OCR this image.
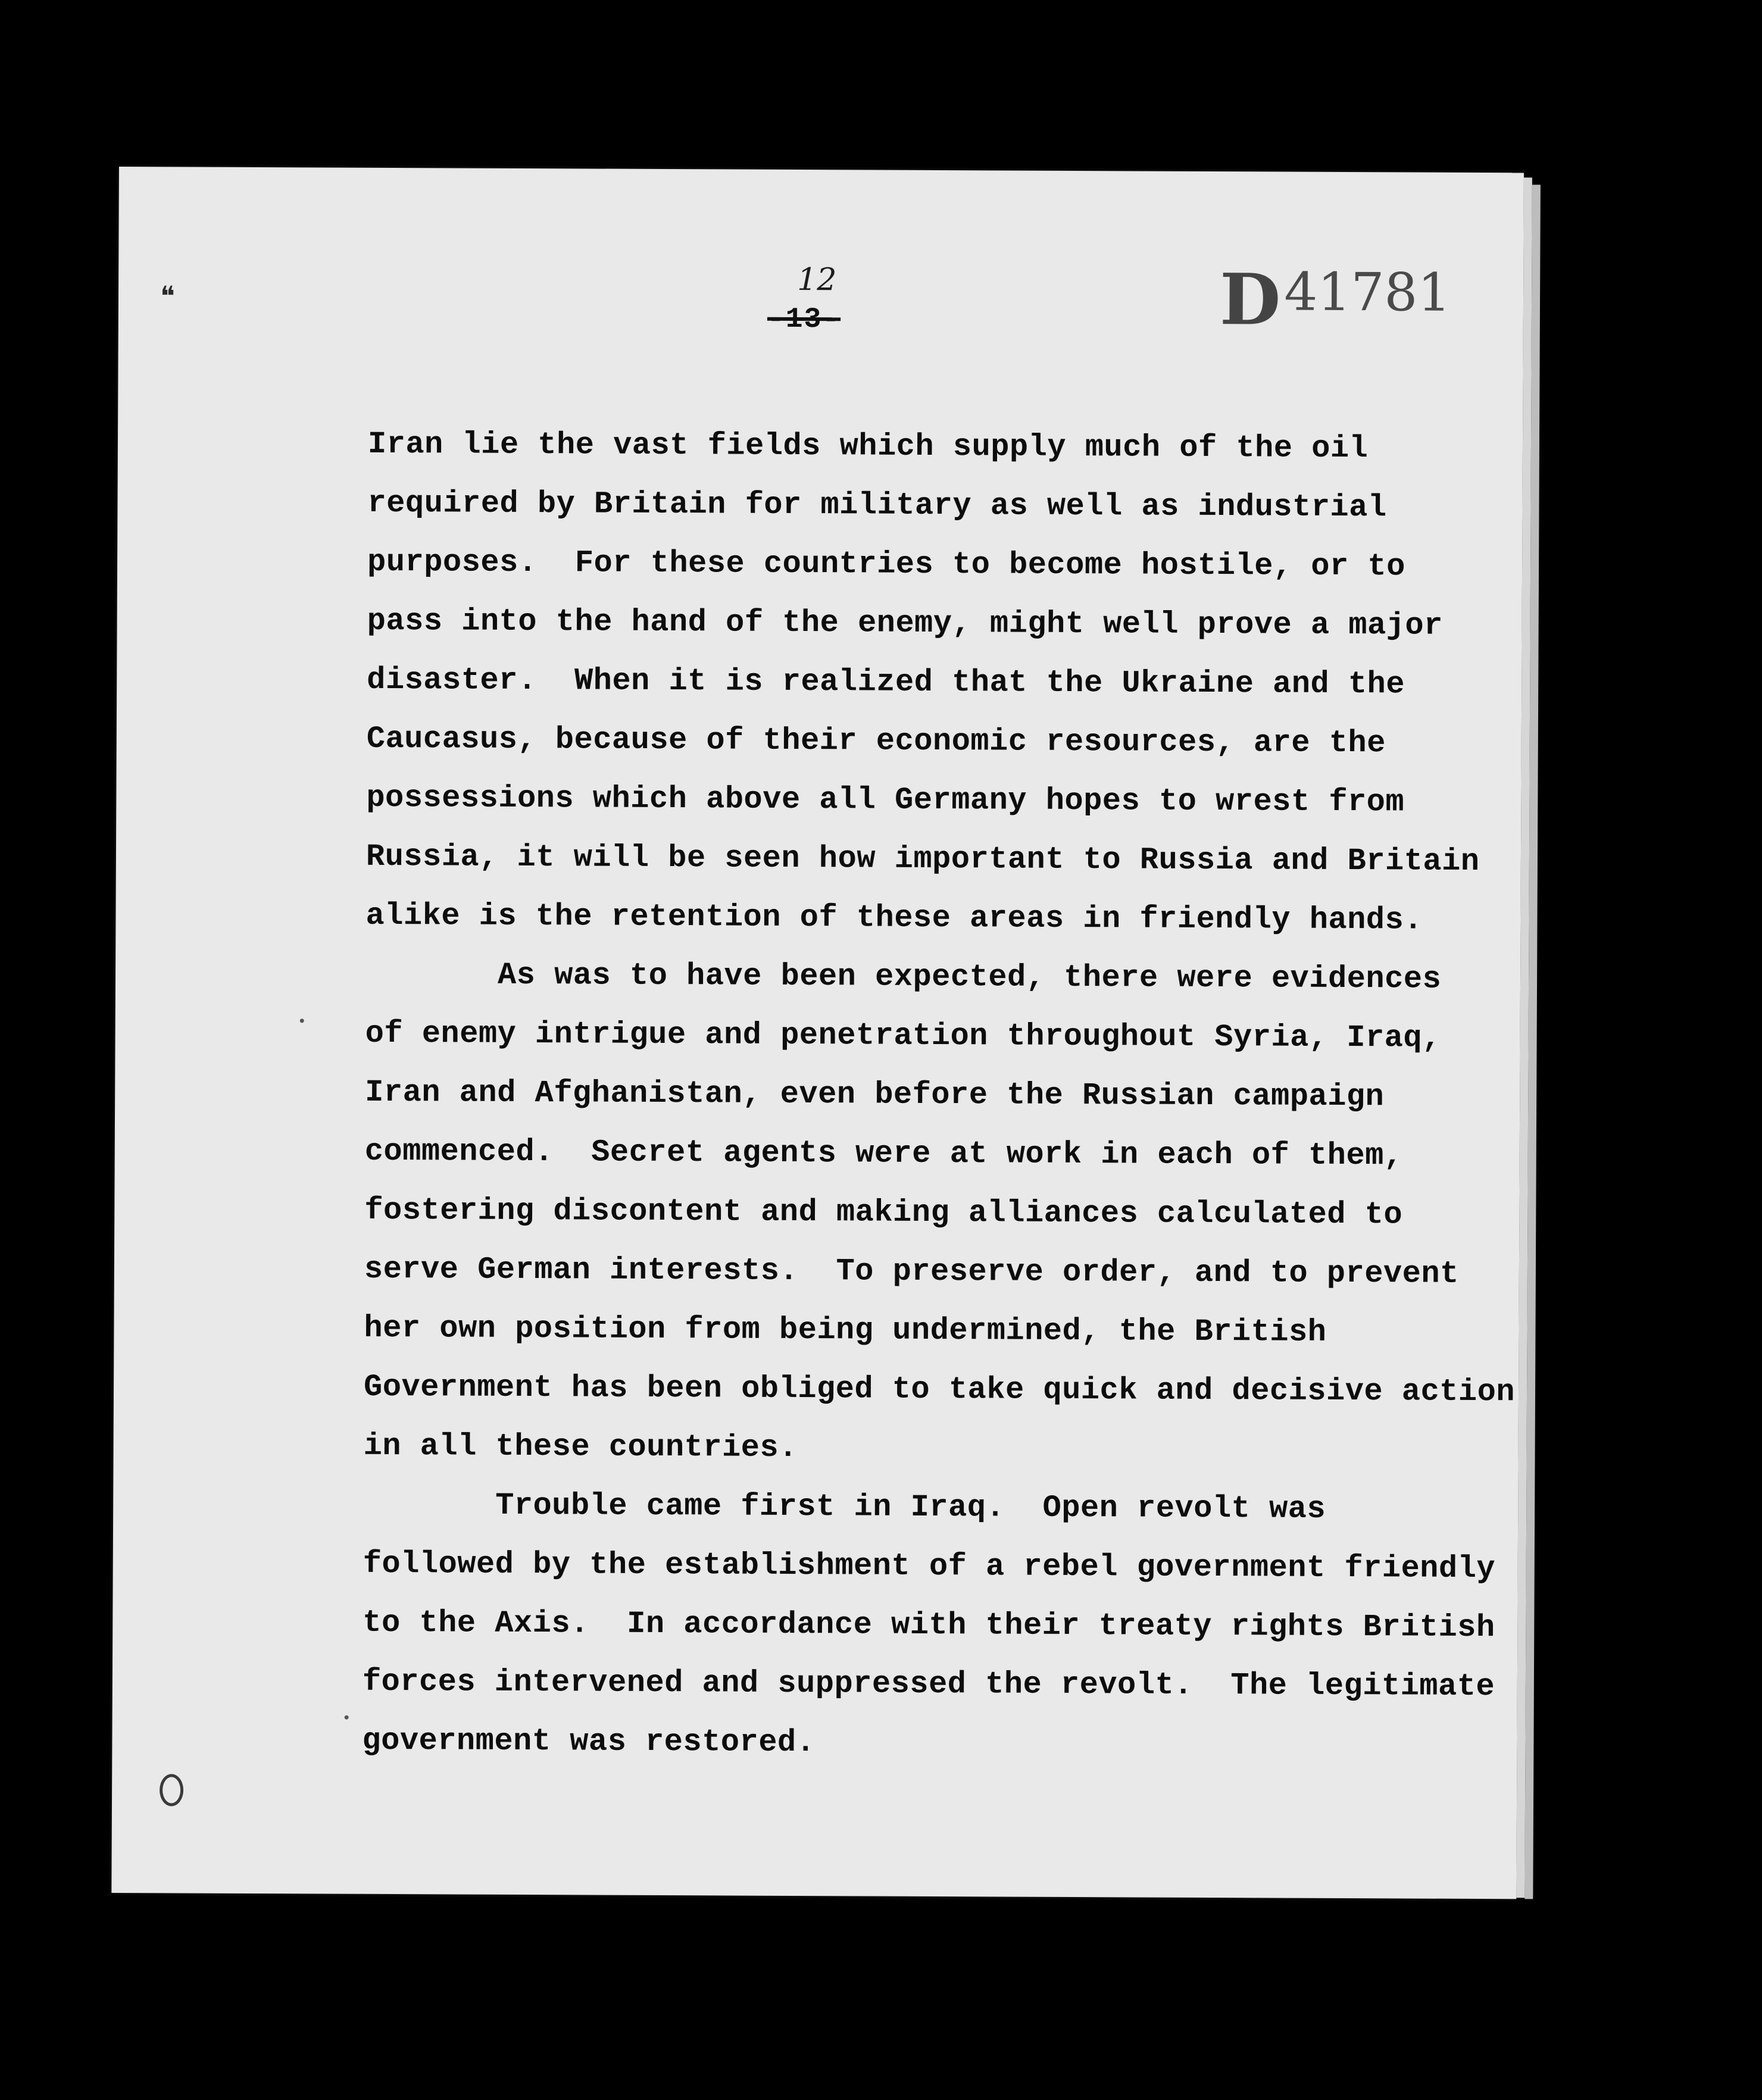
❝	12
-13-	D41781
Iran lie the vast fields which supply much of the oil
required by Britain for military as well as industrial
purposes.  For these countries to become hostile, or to
pass into the hand of the enemy, might well prove a major
disaster.  When it is realized that the Ukraine and the
Caucasus, because of their economic resources, are the
possessions which above all Germany hopes to wrest from
Russia, it will be seen how important to Russia and Britain
alike is the retention of these areas in friendly hands.
As was to have been expected, there were evidences
of enemy intrigue and penetration throughout Syria, Iraq,
Iran and Afghanistan, even before the Russian campaign
commenced.  Secret agents were at work in each of them,
fostering discontent and making alliances calculated to
serve German interests.  To preserve order, and to prevent
her own position from being undermined, the British
Government has been obliged to take quick and decisive action
in all these countries.
Trouble came first in Iraq.  Open revolt was
followed by the establishment of a rebel government friendly
to the Axis.  In accordance with their treaty rights British
forces intervened and suppressed the revolt.  The legitimate
government was restored.
